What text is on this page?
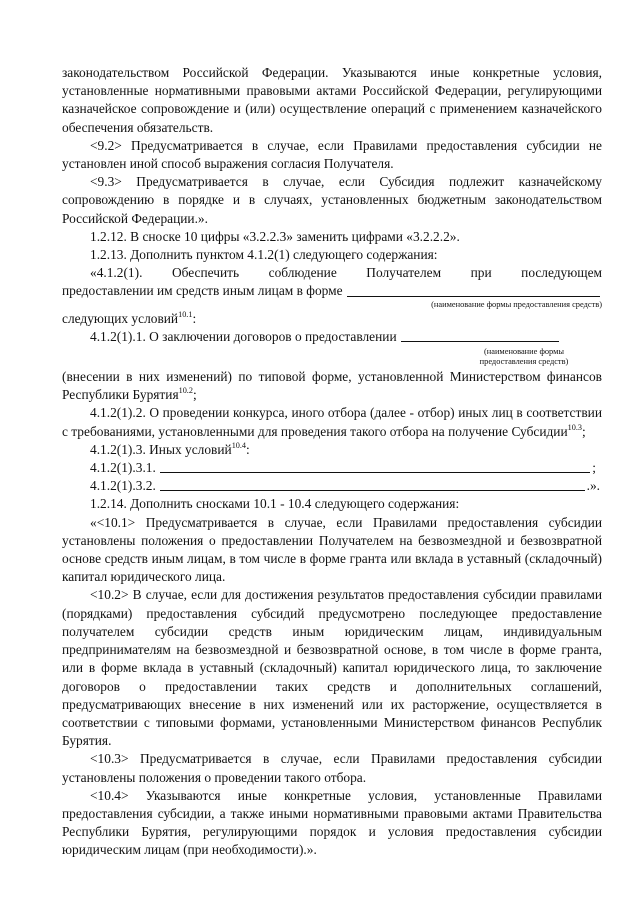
законодательством Российской Федерации. Указываются иные конкретные условия, установленные нормативными правовыми актами Российской Федерации, регулирующими казначейское сопровождение и (или) осуществление операций с применением казначейского обеспечения обязательств.

<9.2> Предусматривается в случае, если Правилами предоставления субсидии не установлен иной способ выражения согласия Получателя.

<9.3> Предусматривается в случае, если Субсидия подлежит казначейскому сопровождению в порядке и в случаях, установленных бюджетным законодательством Российской Федерации.».

1.2.12. В сноске 10 цифры «3.2.2.3» заменить цифрами «3.2.2.2».

1.2.13. Дополнить пунктом 4.1.2(1) следующего содержания:

«4.1.2(1). Обеспечить соблюдение Получателем при последующем

предоставлении им средств иным лицам в форме
(наименование формы предоставления средств)

следующих условий$^{10.1}$:

4.1.2(1).1. О заключении договоров о предоставлении
(наименование формы
предоставления средств)

(внесении в них изменений) по типовой форме, установленной Министерством финансов Республики Бурятия$^{10.2}$;

4.1.2(1).2. О проведении конкурса, иного отбора (далее - отбор) иных лиц в соответствии с требованиями, установленными для проведения такого отбора на получение Субсидии$^{10.3}$;

4.1.2(1).3. Иных условий$^{10.4}$:

4.1.2(1).3.1.	;
4.1.2(1).3.2.	.».

1.2.14. Дополнить сносками 10.1 - 10.4 следующего содержания:

«<10.1> Предусматривается в случае, если Правилами предоставления субсидии установлены положения о предоставлении Получателем на безвозмездной и безвозвратной основе средств иным лицам, в том числе в форме гранта или вклада в уставный (складочный) капитал юридического лица.

<10.2> В случае, если для достижения результатов предоставления субсидии правилами (порядками) предоставления субсидий предусмотрено последующее предоставление получателем субсидии средств иным юридическим лицам, индивидуальным предпринимателям на безвозмездной и безвозвратной основе, в том числе в форме гранта, или в форме вклада в уставный (складочный) капитал юридического лица, то заключение договоров о предоставлении таких средств и дополнительных соглашений, предусматривающих внесение в них изменений или их расторжение, осуществляется в соответствии с типовыми формами, установленными Министерством финансов Республик Бурятия.

<10.3> Предусматривается в случае, если Правилами предоставления субсидии установлены положения о проведении такого отбора.

<10.4> Указываются иные конкретные условия, установленные Правилами предоставления субсидии, а также иными нормативными правовыми актами Правительства Республики Бурятия, регулирующими порядок и условия предоставления субсидии юридическим лицам (при необходимости).».
